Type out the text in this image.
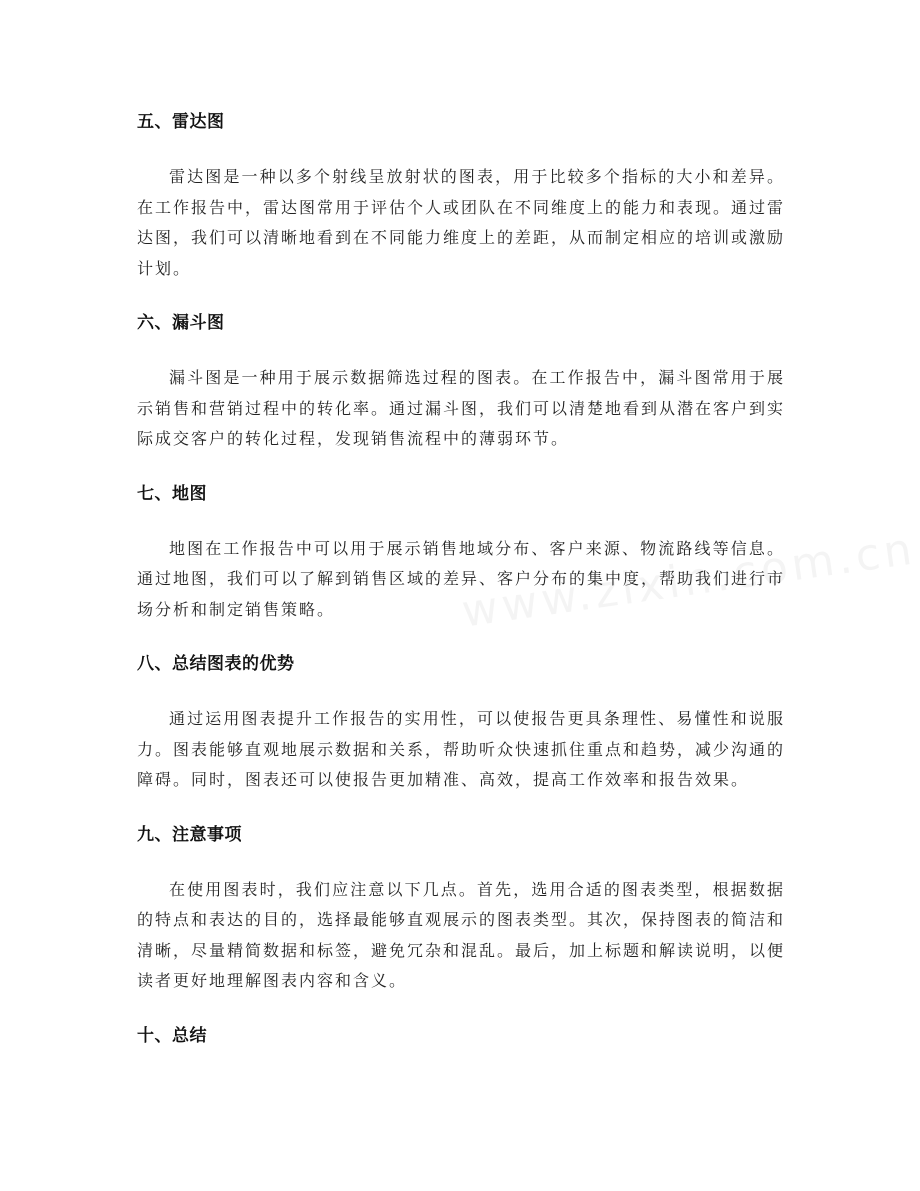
五、雷达图

雷达图是一种以多个射线呈放射状的图表，用于比较多个指标的大小和差异。在工作报告中，雷达图常用于评估个人或团队在不同维度上的能力和表现。通过雷达图，我们可以清晰地看到在不同能力维度上的差距，从而制定相应的培训或激励计划。

六、漏斗图

漏斗图是一种用于展示数据筛选过程的图表。在工作报告中，漏斗图常用于展示销售和营销过程中的转化率。通过漏斗图，我们可以清楚地看到从潜在客户到实际成交客户的转化过程，发现销售流程中的薄弱环节。

七、地图

地图在工作报告中可以用于展示销售地域分布、客户来源、物流路线等信息。通过地图，我们可以了解到销售区域的差异、客户分布的集中度，帮助我们进行市场分析和制定销售策略。

八、总结图表的优势

通过运用图表提升工作报告的实用性，可以使报告更具条理性、易懂性和说服力。图表能够直观地展示数据和关系，帮助听众快速抓住重点和趋势，减少沟通的障碍。同时，图表还可以使报告更加精准、高效，提高工作效率和报告效果。

九、注意事项

在使用图表时，我们应注意以下几点。首先，选用合适的图表类型，根据数据的特点和表达的目的，选择最能够直观展示的图表类型。其次，保持图表的简洁和清晰，尽量精简数据和标签，避免冗杂和混乱。最后，加上标题和解读说明，以便读者更好地理解图表内容和含义。

十、总结
